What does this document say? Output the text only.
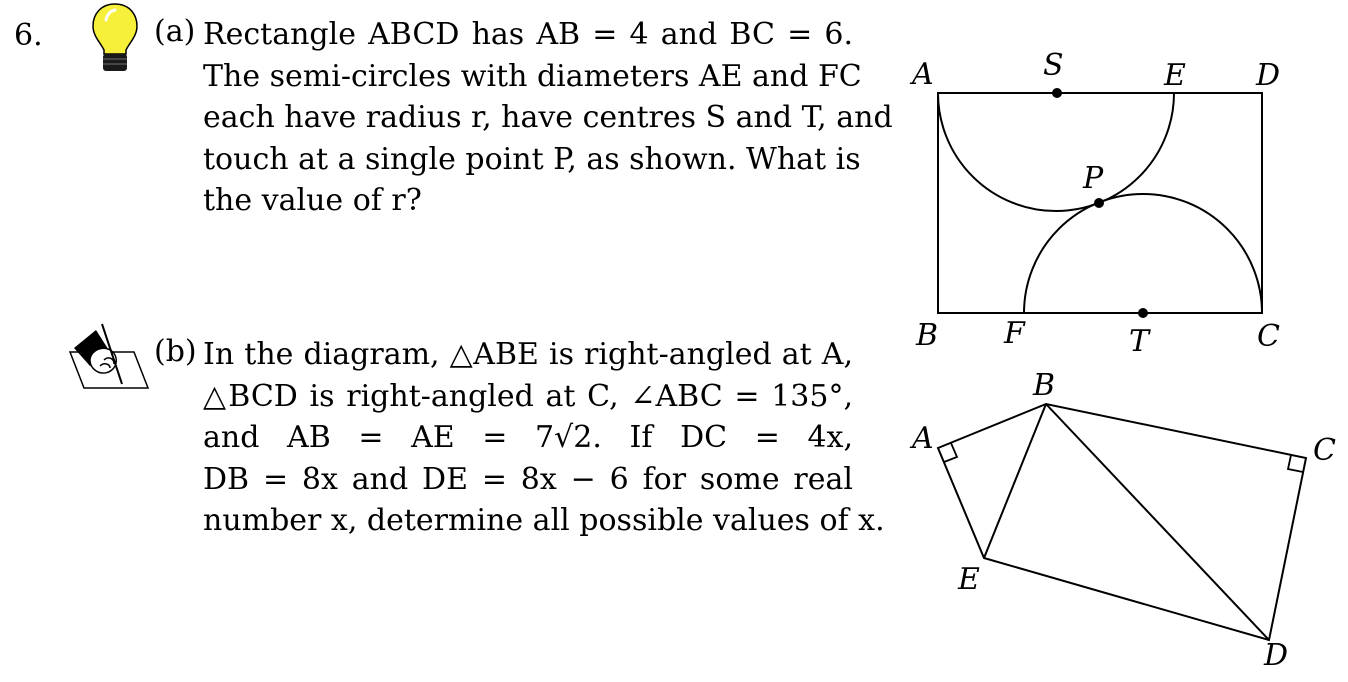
6.	(a) Rectangle ABCD has AB = 4 and BC = 6.
The semi-circles with diameters AE and FC
each have radius r, have centres S and T, and
touch at a single point P, as shown. What is
the value of r?
(b) In the diagram, △ABE is right-angled at A,
△BCD is right-angled at C, ∠ABC = 135°,
and AB = AE = 7√2. If DC = 4x,
DB = 8x and DE = 8x − 6 for some real
number x, determine all possible values of x.
A	S	E D
P
B F	T	C
A
B
C
D
E
